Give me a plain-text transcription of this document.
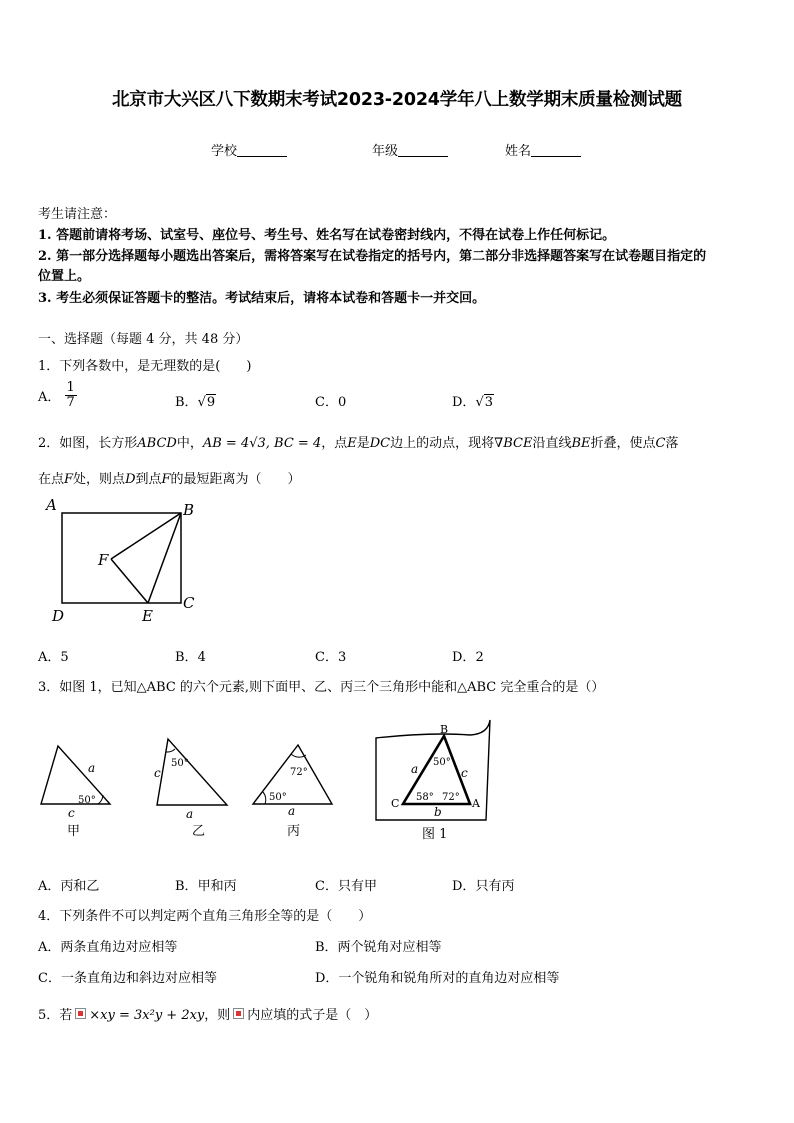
北京市大兴区八下数期末考试2023-2024学年八上数学期末质量检测试题
学校	年级	姓名
考生请注意：
1. 答题前请将考场、试室号、座位号、考生号、姓名写在试卷密封线内，不得在试卷上作任何标记。
2. 第一部分选择题每小题选出答案后，需将答案写在试卷指定的括号内，第二部分非选择题答案写在试卷题目指定的
位置上。
3. 考生必须保证答题卡的整洁。考试结束后，请将本试卷和答题卡一并交回。
一、选择题（每题 4 分，共 48 分）
1．下列各数中，是无理数的是(　　)
A． $\frac{1}{7}$	B．√9	C．0	D．√3
2．如图，长方形ABCD中，AB = 4√3, BC = 4，点E是DC边上的动点，现将∇BCE沿直线BE折叠，使点C落
在点F处，则点D到点F的最短距离为（　　）
A	B
C
D	E
F
A．5	B．4	C．3	D．2
3．如图 1，已知△ABC 的六个元素,则下面甲、乙、丙三个三角形中能和△ABC 完全重合的是（）
a
50°
c
甲
c
50°
a
乙
72°
50°
a
丙
B
a	c
50°
C 58° 72° A
b
图 1
A．丙和乙	B．甲和丙	C．只有甲	D．只有丙
4．下列条件不可以判定两个直角三角形全等的是（　　）
A．两条直角边对应相等	B．两个锐角对应相等
C．一条直角边和斜边对应相等	D．一个锐角和锐角所对的直角边对应相等
5．若 ×xy = 3x²y + 2xy，则 内应填的式子是（　）
